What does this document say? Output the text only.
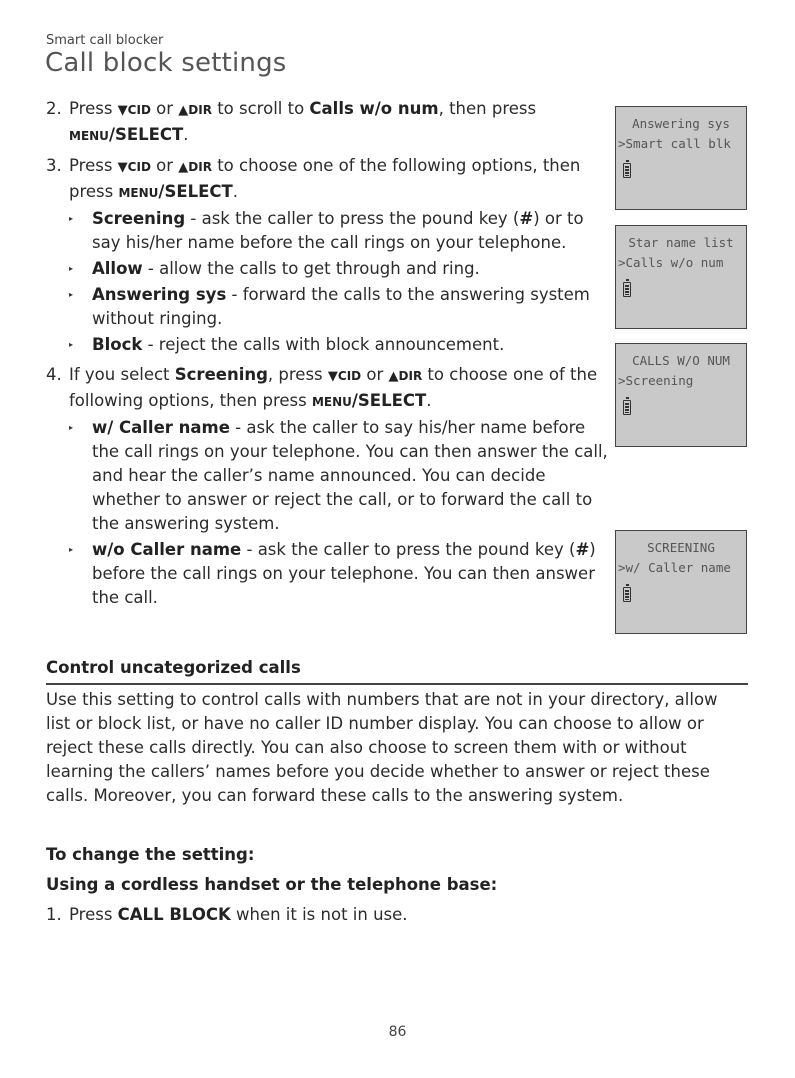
Smart call blocker
Call block settings
2. Press ▼CID or ▲DIR to scroll to Calls w/o num, then press MENU/SELECT.
3. Press ▼CID or ▲DIR to choose one of the following options, then press MENU/SELECT.
▸ Screening - ask the caller to press the pound key (#) or to say his/her name before the call rings on your telephone.
▸ Allow - allow the calls to get through and ring.
▸ Answering sys - forward the calls to the answering system without ringing.
▸ Block - reject the calls with block announcement.
4. If you select Screening, press ▼CID or ▲DIR to choose one of the following options, then press MENU/SELECT.
▸ w/ Caller name - ask the caller to say his/her name before the call rings on your telephone. You can then answer the call, and hear the caller’s name announced. You can decide whether to answer or reject the call, or to forward the call to the answering system.
▸ w/o Caller name - ask the caller to press the pound key (#) before the call rings on your telephone. You can then answer the call.
Answering sys
>Smart call blk
Star name list
>Calls w/o num
CALLS W/O NUM
>Screening
SCREENING
>w/ Caller name
Control uncategorized calls

Use this setting to control calls with numbers that are not in your directory, allow list or block list, or have no caller ID number display. You can choose to allow or reject these calls directly. You can also choose to screen them with or without learning the callers’ names before you decide whether to answer or reject these calls. Moreover, you can forward these calls to the answering system.

To change the setting:
Using a cordless handset or the telephone base:
1. Press CALL BLOCK when it is not in use.
86
